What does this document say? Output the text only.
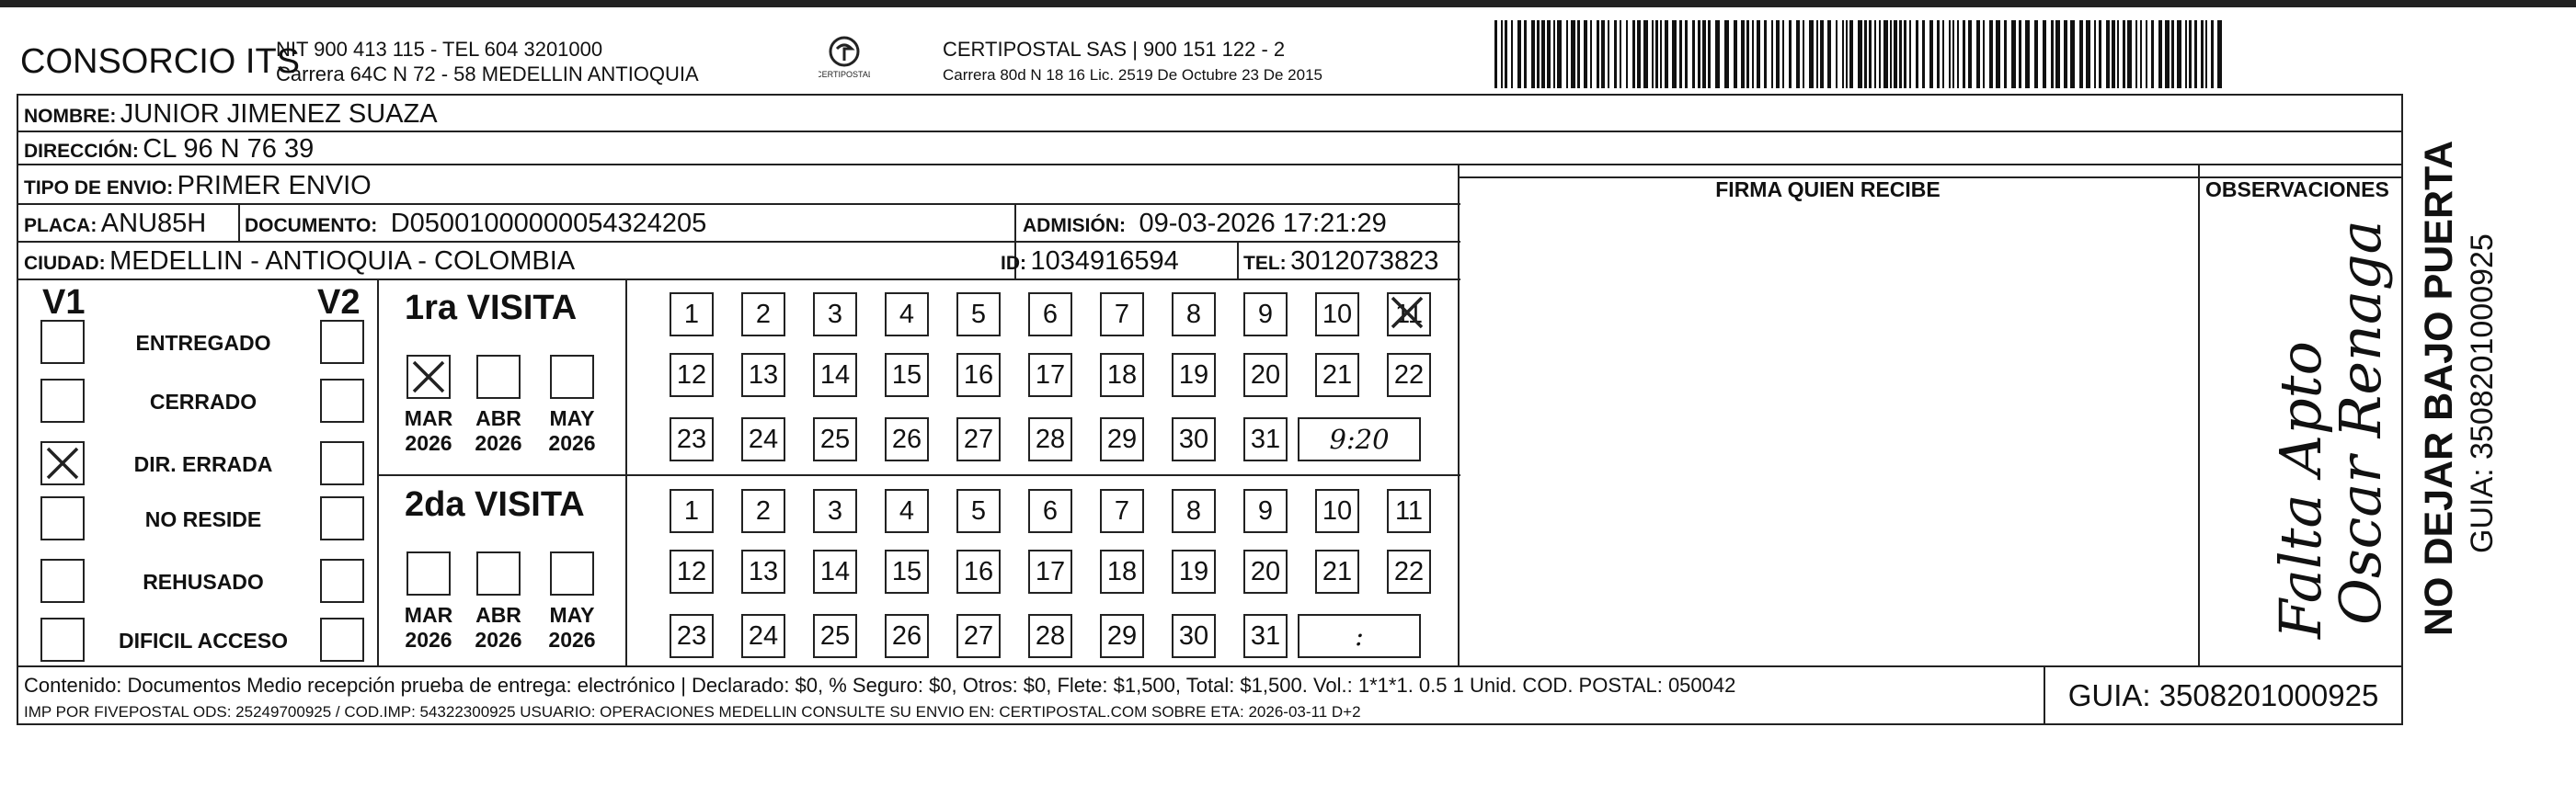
CONSORCIO ITS
NIT 900 413 115 - TEL 604 3201000
Carrera 64C N 72 - 58 MEDELLIN ANTIOQUIA	CERTIPOSTAL
CERTIPOSTAL SAS | 900 151 122 - 2
Carrera 80d N 18 16 Lic. 2519 De Octubre 23 De 2015
NOMBRE: JUNIOR JIMENEZ SUAZA
DIRECCIÓN: CL 96 N 76 39
TIPO DE ENVIO: PRIMER ENVIO	FIRMA QUIEN RECIBE	OBSERVACIONES
PLACA: ANU85H DOCUMENTO: D05001000000054324205	ADMISIÓN: 09-03-2026 17:21:29
CIUDAD: MEDELLIN - ANTIOQUIA - COLOMBIA	ID: 1034916594	TEL: 3012073823
V1	V2
ENTREGADO
CERRADO
DIR. ERRADA
NO RESIDE
REHUSADO
DIFICIL ACCESO
1ra VISITA
MAR
2026
ABR
2026
MAY
2026
1	2	3	4	5	6	7	8	9	10	11
12 13 14 15 16 17 18 19 20 21 22
23 24 25 26 27 28 29 30 31	9:20
2da VISITA
MAR
2026
ABR
2026
MAY
2026
1	2	3	4	5	6	7	8	9	10	11
12 13 14 15 16 17 18 19 20 21 22
23 24 25 26 27 28 29 30 31	:	Falta Apto
Oscar Renaga
Contenido: Documentos Medio recepción prueba de entrega: electrónico | Declarado: $0, % Seguro: $0, Otros: $0, Flete: $1,500, Total: $1,500. Vol.: 1*1*1. 0.5 1 Unid. COD. POSTAL: 050042
IMP POR FIVEPOSTAL ODS: 25249700925 / COD.IMP: 54322300925 USUARIO: OPERACIONES MEDELLIN CONSULTE SU ENVIO EN: CERTIPOSTAL.COM SOBRE ETA: 2026-03-11 D+2	GUIA: 3508201000925
NO DEJAR BAJO PUERTA GUIA: 3508201000925
